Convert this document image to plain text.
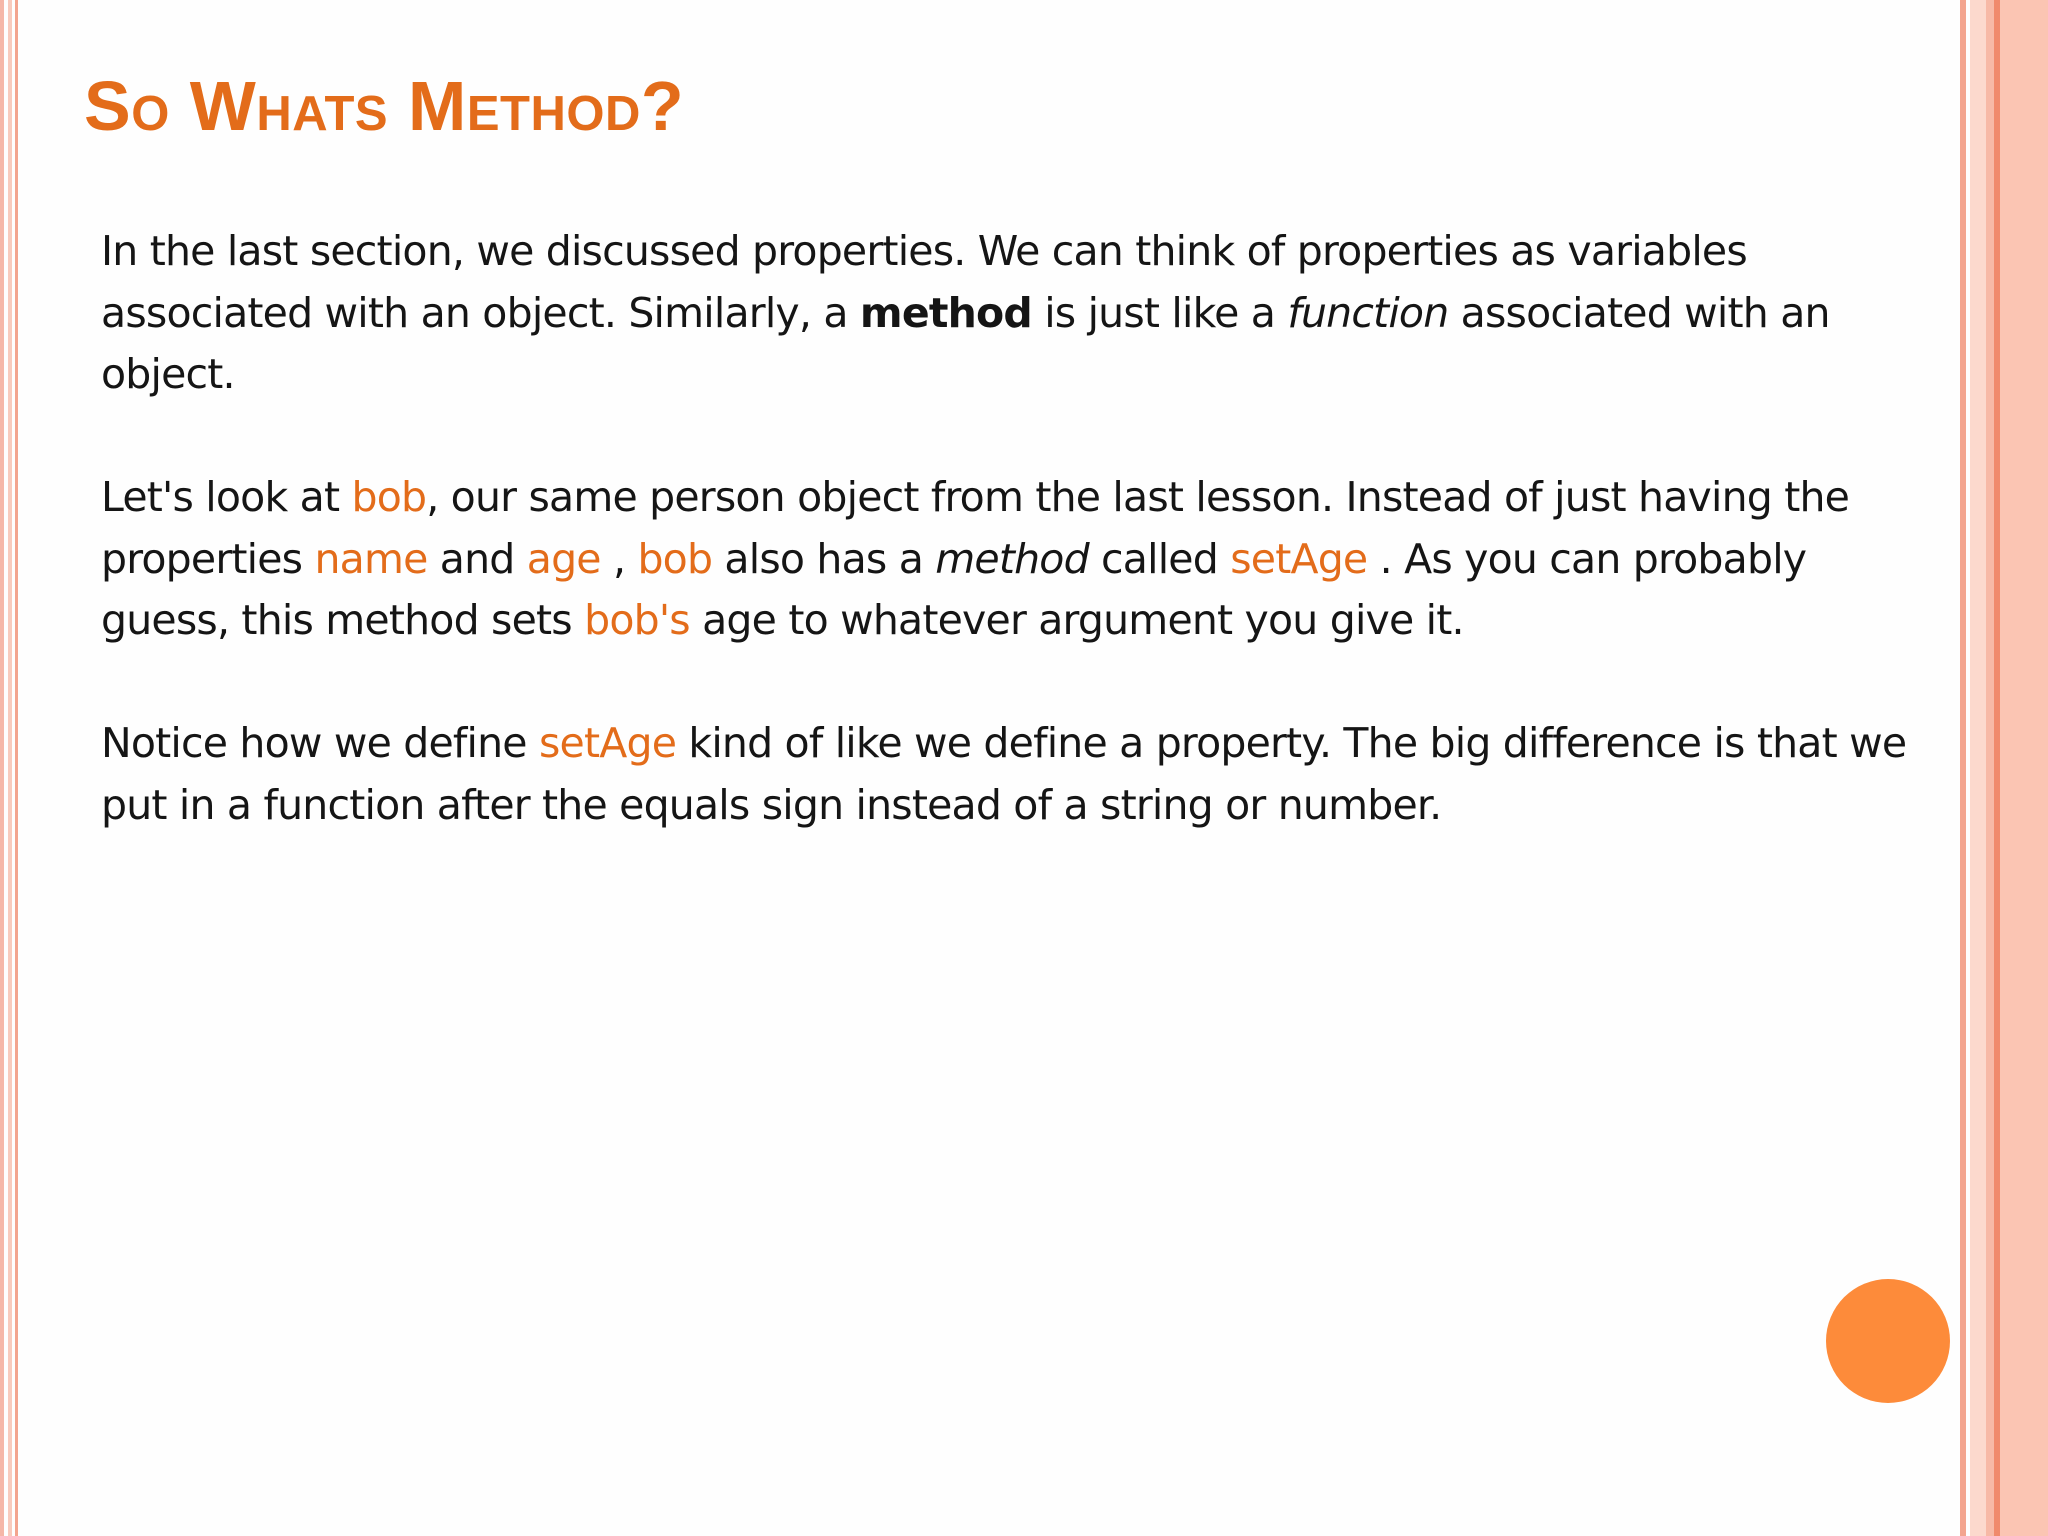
So Whats Method?

In the last section, we discussed properties. We can think of properties as variables associated with an object. Similarly, a method is just like a function associated with an object.

Let's look at bob, our same person object from the last lesson. Instead of just having the properties name and age , bob also has a method called setAge . As you can probably guess, this method sets bob's age to whatever argument you give it.

Notice how we define setAge kind of like we define a property. The big difference is that we put in a function after the equals sign instead of a string or number.
